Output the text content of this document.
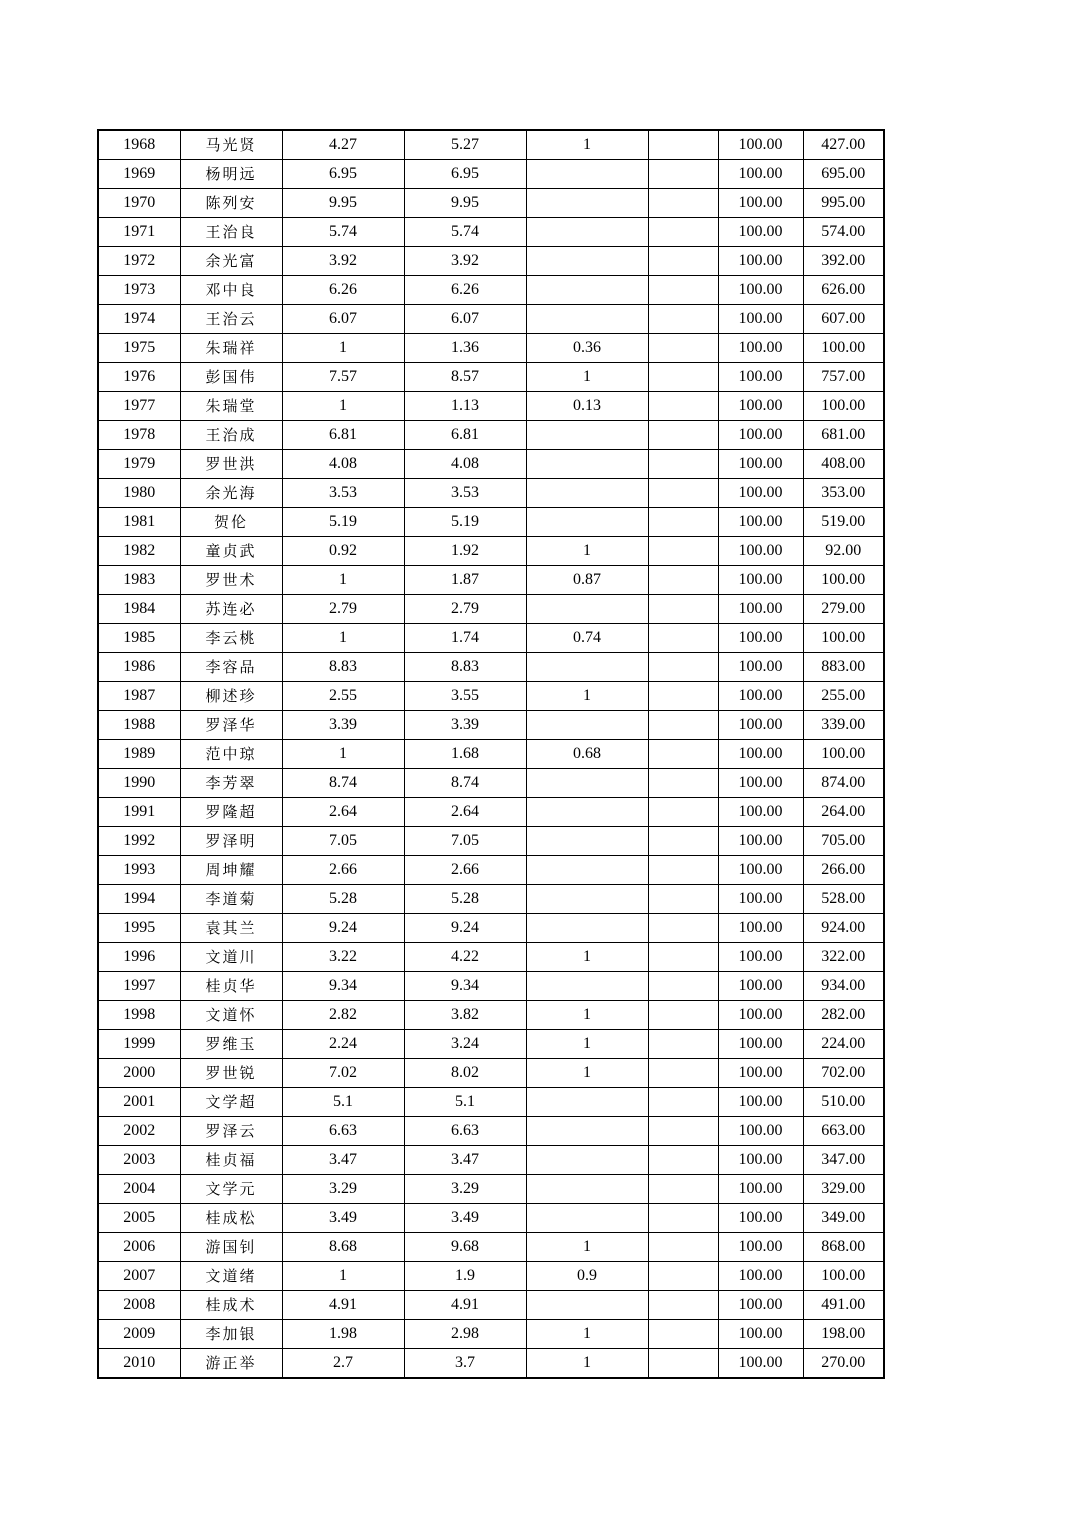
1968	马光贤	4.27	5.27	1		100.00	427.00
1969	杨明远	6.95	6.95			100.00	695.00
1970	陈列安	9.95	9.95			100.00	995.00
1971	王治良	5.74	5.74			100.00	574.00
1972	余光富	3.92	3.92			100.00	392.00
1973	邓中良	6.26	6.26			100.00	626.00
1974	王治云	6.07	6.07			100.00	607.00
1975	朱瑞祥	1	1.36	0.36		100.00	100.00
1976	彭国伟	7.57	8.57	1		100.00	757.00
1977	朱瑞堂	1	1.13	0.13		100.00	100.00
1978	王治成	6.81	6.81			100.00	681.00
1979	罗世洪	4.08	4.08			100.00	408.00
1980	余光海	3.53	3.53			100.00	353.00
1981	贺伦	5.19	5.19			100.00	519.00
1982	童贞武	0.92	1.92	1		100.00	92.00
1983	罗世术	1	1.87	0.87		100.00	100.00
1984	苏连必	2.79	2.79			100.00	279.00
1985	李云桃	1	1.74	0.74		100.00	100.00
1986	李容品	8.83	8.83			100.00	883.00
1987	柳述珍	2.55	3.55	1		100.00	255.00
1988	罗泽华	3.39	3.39			100.00	339.00
1989	范中琼	1	1.68	0.68		100.00	100.00
1990	李芳翠	8.74	8.74			100.00	874.00
1991	罗隆超	2.64	2.64			100.00	264.00
1992	罗泽明	7.05	7.05			100.00	705.00
1993	周坤耀	2.66	2.66			100.00	266.00
1994	李道菊	5.28	5.28			100.00	528.00
1995	袁其兰	9.24	9.24			100.00	924.00
1996	文道川	3.22	4.22	1		100.00	322.00
1997	桂贞华	9.34	9.34			100.00	934.00
1998	文道怀	2.82	3.82	1		100.00	282.00
1999	罗维玉	2.24	3.24	1		100.00	224.00
2000	罗世锐	7.02	8.02	1		100.00	702.00
2001	文学超	5.1	5.1			100.00	510.00
2002	罗泽云	6.63	6.63			100.00	663.00
2003	桂贞福	3.47	3.47			100.00	347.00
2004	文学元	3.29	3.29			100.00	329.00
2005	桂成松	3.49	3.49			100.00	349.00
2006	游国钊	8.68	9.68	1		100.00	868.00
2007	文道绪	1	1.9	0.9		100.00	100.00
2008	桂成术	4.91	4.91			100.00	491.00
2009	李加银	1.98	2.98	1		100.00	198.00
2010	游正举	2.7	3.7	1		100.00	270.00
